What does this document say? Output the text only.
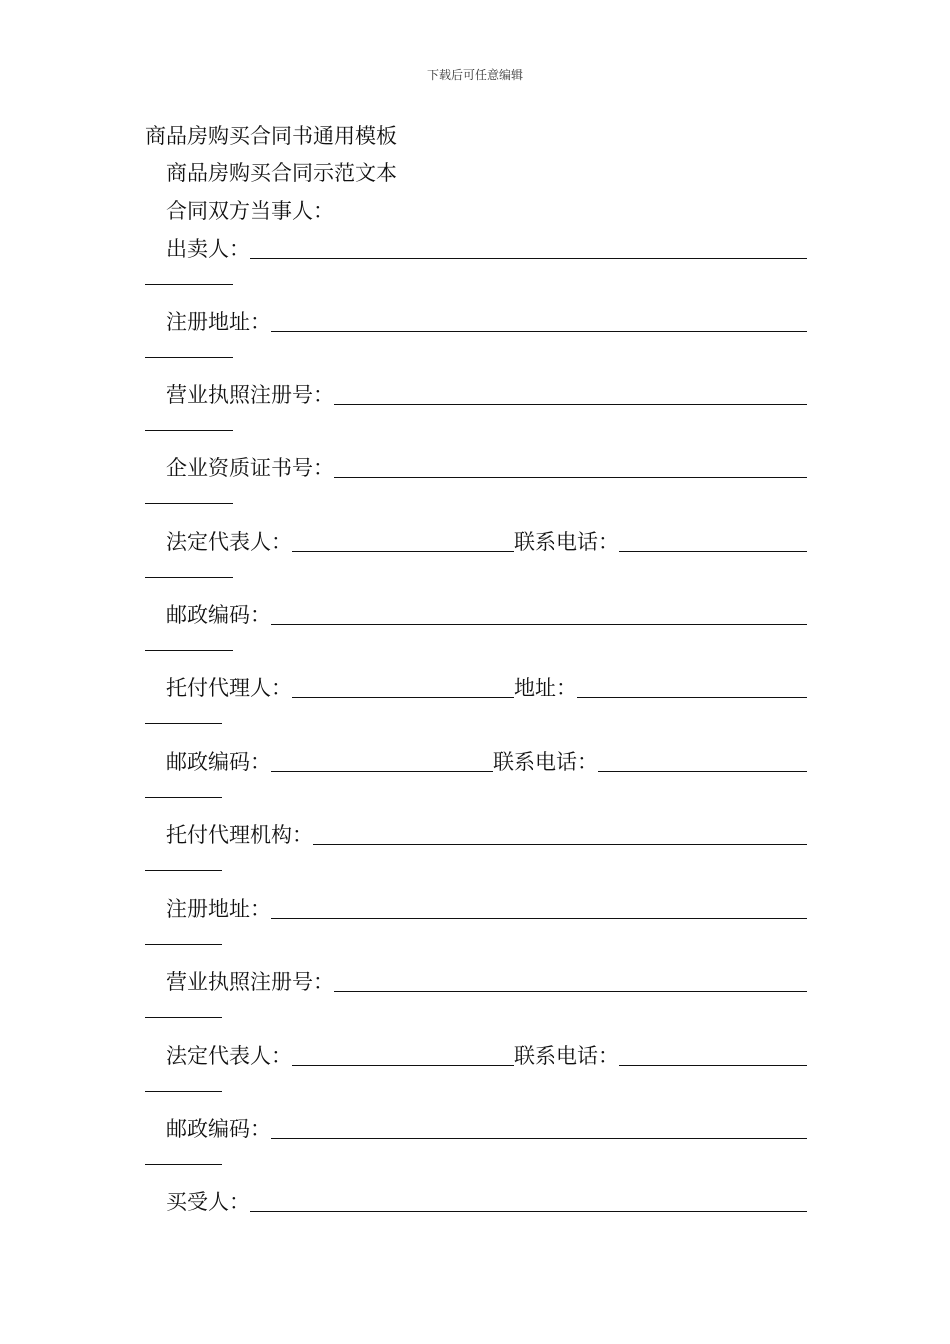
下载后可任意编辑
商品房购买合同书通用模板
商品房购买合同示范文本
合同双方当事人：
出卖人：
注册地址：
营业执照注册号：
企业资质证书号：
法定代表人：	联系电话：
邮政编码：
托付代理人：	地址：
邮政编码：	联系电话：
托付代理机构：
注册地址：
营业执照注册号：
法定代表人：	联系电话：
邮政编码：
买受人：
